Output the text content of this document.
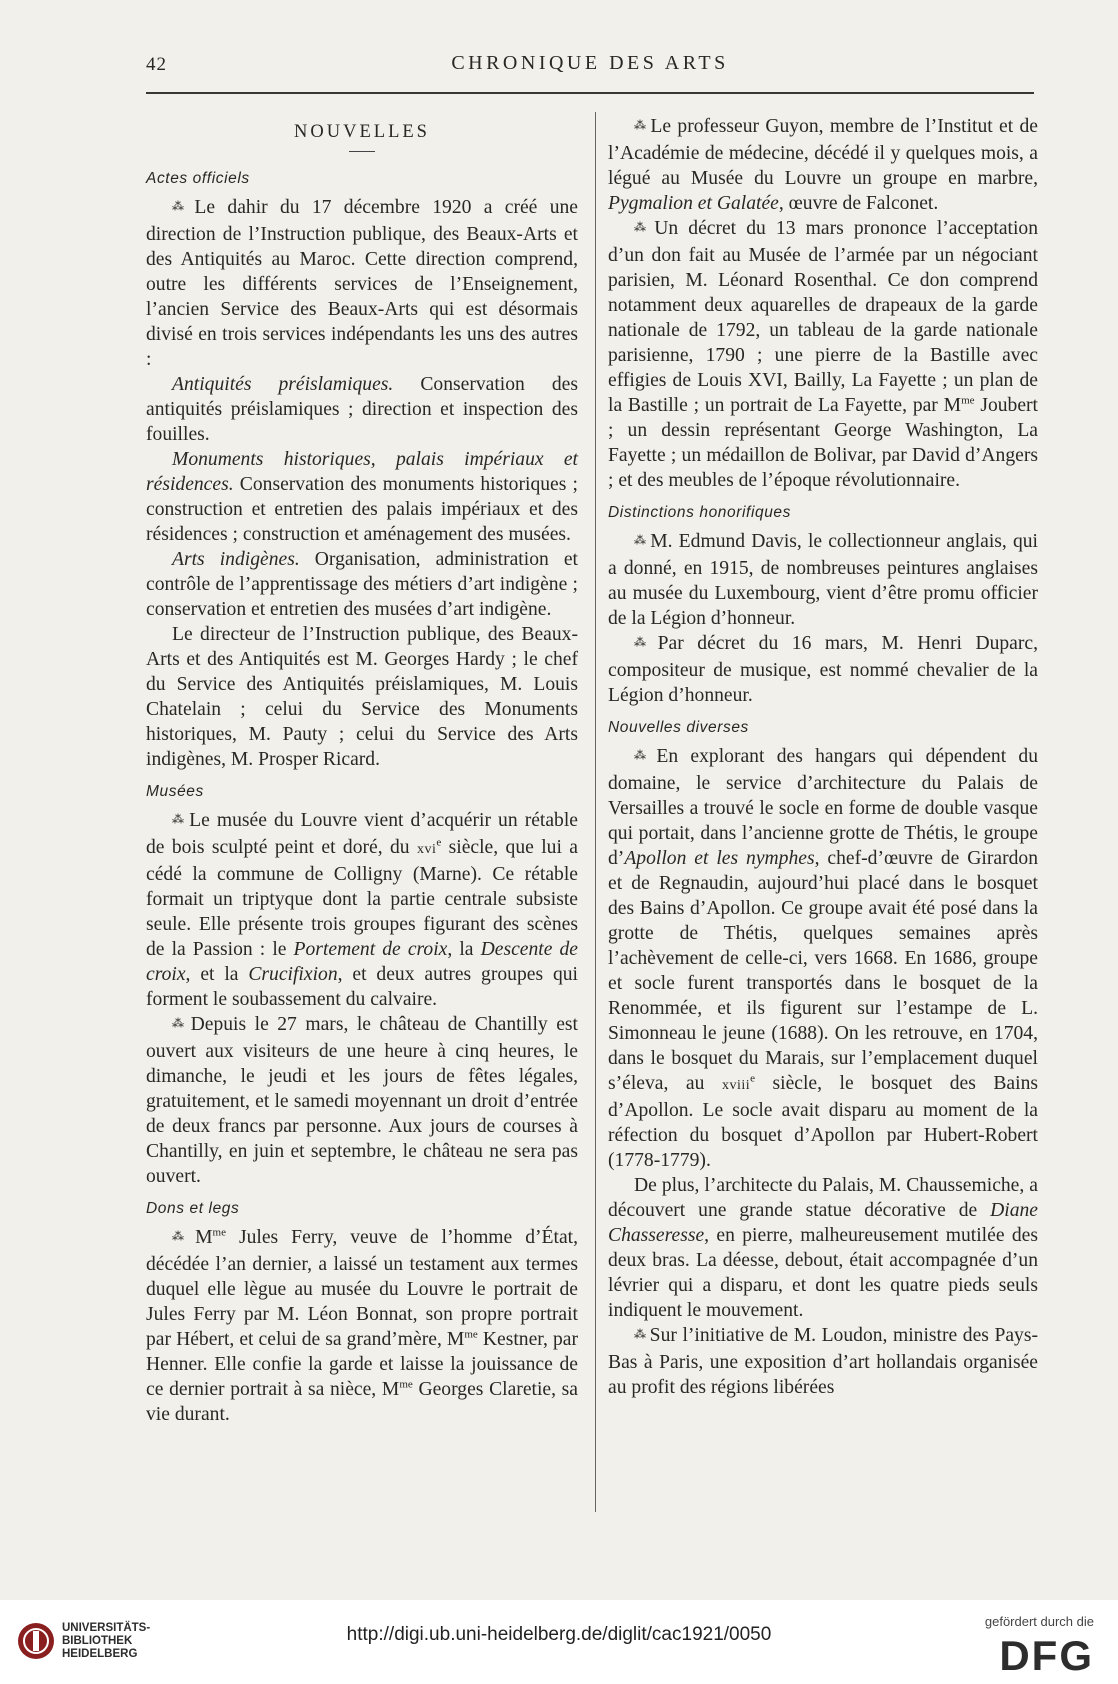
42	CHRONIQUE DES ARTS
NOUVELLES
Actes officiels

⁂ Le dahir du 17 décembre 1920 a créé une direction de l’Instruction publique, des Beaux-Arts et des Antiquités au Maroc. Cette direction comprend, outre les différents services de l’Enseignement, l’ancien Service des Beaux-Arts qui est désormais divisé en trois services indépendants les uns des autres :

Antiquités préislamiques. Conservation des antiquités préislamiques ; direction et inspection des fouilles.

Monuments historiques, palais impériaux et résidences. Conservation des monuments historiques ; construction et entretien des palais impériaux et des résidences ; construction et aménagement des musées.

Arts indigènes. Organisation, administration et contrôle de l’apprentissage des métiers d’art indigène ; conservation et entretien des musées d’art indigène.

Le directeur de l’Instruction publique, des Beaux-Arts et des Antiquités est M. Georges Hardy ; le chef du Service des Antiquités préislamiques, M. Louis Chatelain ; celui du Service des Monuments historiques, M. Pauty ; celui du Service des Arts indigènes, M. Prosper Ricard.

Musées

⁂ Le musée du Louvre vient d’acquérir un rétable de bois sculpté peint et doré, du xvi$^e$ siècle, que lui a cédé la commune de Colligny (Marne). Ce rétable formait un triptyque dont la partie centrale subsiste seule. Elle présente trois groupes figurant des scènes de la Passion : le Portement de croix, la Descente de croix, et la Crucifixion, et deux autres groupes qui forment le soubassement du calvaire.

⁂ Depuis le 27 mars, le château de Chantilly est ouvert aux visiteurs de une heure à cinq heures, le dimanche, le jeudi et les jours de fêtes légales, gratuitement, et le samedi moyennant un droit d’entrée de deux francs par personne. Aux jours de courses à Chantilly, en juin et septembre, le château ne sera pas ouvert.

Dons et legs

⁂ $M^{me}$ Jules Ferry, veuve de l’homme d’État, décédée l’an dernier, a laissé un testament aux termes duquel elle lègue au musée du Louvre le portrait de Jules Ferry par M. Léon Bonnat, son propre portrait par Hébert, et celui de sa grand’mère, $M^{me}$ Kestner, par Henner. Elle confie la garde et laisse la jouissance de ce dernier portrait à sa nièce, $M^{me}$ Georges Claretie, sa vie durant.

⁂ Le professeur Guyon, membre de l’Institut et de l’Académie de médecine, décédé il y quelques mois, a légué au Musée du Louvre un groupe en marbre, Pygmalion et Galatée, œuvre de Falconet.

⁂ Un décret du 13 mars prononce l’acceptation d’un don fait au Musée de l’armée par un négociant parisien, M. Léonard Rosenthal. Ce don comprend notamment deux aquarelles de drapeaux de la garde nationale de 1792, un tableau de la garde nationale parisienne, 1790 ; une pierre de la Bastille avec effigies de Louis XVI, Bailly, La Fayette ; un plan de la Bastille ; un portrait de La Fayette, par $M^{me}$ Joubert ; un dessin représentant George Washington, La Fayette ; un médaillon de Bolivar, par David d’Angers ; et des meubles de l’époque révolutionnaire.

Distinctions honorifiques

⁂ M. Edmund Davis, le collectionneur anglais, qui a donné, en 1915, de nombreuses peintures anglaises au musée du Luxembourg, vient d’être promu officier de la Légion d’honneur.

⁂ Par décret du 16 mars, M. Henri Duparc, compositeur de musique, est nommé chevalier de la Légion d’honneur.

Nouvelles diverses

⁂ En explorant des hangars qui dépendent du domaine, le service d’architecture du Palais de Versailles a trouvé le socle en forme de double vasque qui portait, dans l’ancienne grotte de Thétis, le groupe d’Apollon et les nymphes, chef-d’œuvre de Girardon et de Regnaudin, aujourd’hui placé dans le bosquet des Bains d’Apollon. Ce groupe avait été posé dans la grotte de Thétis, quelques semaines après l’achèvement de celle-ci, vers 1668. En 1686, groupe et socle furent transportés dans le bosquet de la Renommée, et ils figurent sur l’estampe de L. Simonneau le jeune (1688). On les retrouve, en 1704, dans le bosquet du Marais, sur l’emplacement duquel s’éleva, au xviii$^e$ siècle, le bosquet des Bains d’Apollon. Le socle avait disparu au moment de la réfection du bosquet d’Apollon par Hubert-Robert (1778-1779).

De plus, l’architecte du Palais, M. Chaussemiche, a découvert une grande statue décorative de Diane Chasseresse, en pierre, malheureusement mutilée des deux bras. La déesse, debout, était accompagnée d’un lévrier qui a disparu, et dont les quatre pieds seuls indiquent le mouvement.

⁂ Sur l’initiative de M. Loudon, ministre des Pays-Bas à Paris, une exposition d’art hollandais organisée au profit des régions libérées

UNIVERSITÄTS-
BIBLIOTHEK
HEIDELBERG
http://digi.ub.uni-heidelberg.de/diglit/cac1921/0050
gefördert durch die
DFG
